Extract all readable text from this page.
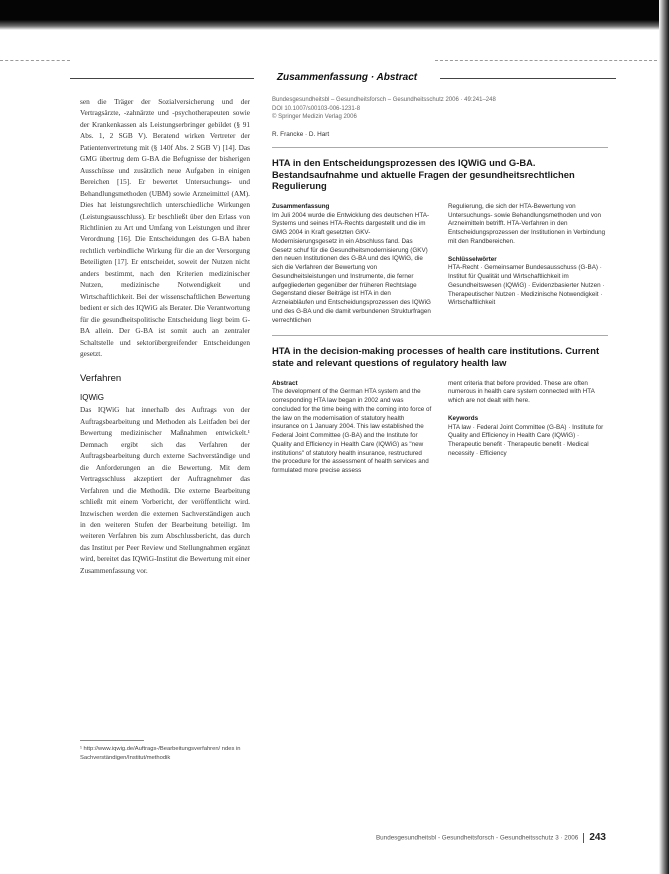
Zusammenfassung · Abstract

sen die Träger der Sozialversicherung und der Vertragsärzte, -zahnärzte und -psychotherapeuten sowie der Krankenkassen als Leistungserbringer gebildet (§ 91 Abs. 1, 2 SGB V). Beratend wirken Vertreter der Patientenvertretung mit (§ 140f Abs. 2 SGB V) [14]. Das GMG übertrug dem G-BA die Befugnisse der bisherigen Ausschüsse und zusätzlich neue Aufgaben in einigen Bereichen [15]. Er bewertet Untersuchungs- und Behandlungsmethoden (UBM) sowie Arzneimittel (AM). Dies hat leistungsrechtlich unterschiedliche Wirkungen (Leistungsausschluss). Er beschließt über den Erlass von Richtlinien zu Art und Umfang von Leistungen und ihrer Verordnung [16]. Die Entscheidungen des G-BA haben rechtlich verbindliche Wirkung für die an der Versorgung Beteiligten [17]. Er entscheidet, soweit der Nutzen nicht anders bestimmt, nach den Kriterien medizinischer Nutzen, medizinische Notwendigkeit und Wirtschaftlichkeit. Bei der wissenschaftlichen Bewertung bedient er sich des IQWiG als Berater. Die Verantwortung für die gesundheitspolitische Entscheidung liegt beim G-BA allein. Der G-BA ist somit auch an zentraler Schaltstelle und sektorübergreifender Entscheidungen gesetzt.

Verfahren
IQWiG

Das IQWiG hat innerhalb des Auftrags von der Auftragsbearbeitung und Methoden als Leitfaden bei der Bewertung medizinischer Maßnahmen entwickelt.¹ Demnach ergibt sich das Verfahren der Auftragsbearbeitung durch externe Sachverständige und die Anforderungen an die Bewertung. Mit dem Vertragsschluss akzeptiert der Auftragnehmer das Verfahren und die Methodik. Die externe Bearbeitung schließt mit einem Vorbericht, der veröffentlicht wird. Inzwischen werden die externen Sachverständigen auch in den weiteren Stufen der Bearbeitung beteiligt. Im weiteren Verfahren bis zum Abschlussbericht, das durch das Institut per Peer Review und Stellungnahmen ergänzt wird, bereitet das IQWiG-Institut die Bewertung mit einer Zusammenfassung vor.

¹ http://www.iqwig.de/Auftrags-/Bearbeitungsverfahren/ ndes in Sachverständigen/Institut/methodik
Bundesgesundheitsbl – Gesundheitsforsch – Gesundheitsschutz 2006 · 49:241–248
DOI 10.1007/s00103-006-1231-8
© Springer Medizin Verlag 2006
R. Francke · D. Hart
HTA in den Entscheidungsprozessen des IQWiG und G-BA. Bestandsaufnahme und aktuelle Fragen der gesundheitsrechtlichen Regulierung

Zusammenfassung

Im Juli 2004 wurde die Entwicklung des deutschen HTA-Systems und seines HTA-Rechts dargestellt und die im GMG 2004 in Kraft gesetzten GKV-Modernisierungsgesetz in ein Abschluss fand. Das Gesetz schuf für die Gesundheitsmodernisierung (GKV) den neuen Institutionen des G-BA und des IQWiG, die sich die Verfahren der Bewertung von Gesundheitsleistungen und Instrumente, die ferner aufgegliederten gegenüber der früheren Rechtslage Gegenstand dieser Beiträge ist HTA in den Arzneiabläufen und Entscheidungsprozessen des IQWiG und des G-BA und die damit verbundenen Strukturfragen verrechtlichen

Regulierung, die sich der HTA-Bewertung von Untersuchungs- sowie Behandlungsmethoden und von Arzneimitteln betrifft. HTA-Verfahren in den Entscheidungsprozessen der Institutionen in Verbindung mit den Randbereichen.

Schlüsselwörter

HTA-Recht · Gemeinsamer Bundesausschuss (G-BA) · Institut für Qualität und Wirtschaftlichkeit im Gesundheitswesen (IQWiG) · Evidenzbasierter Nutzen · Therapeutischer Nutzen · Medizinische Notwendigkeit · Wirtschaftlichkeit

HTA in the decision-making processes of health care institutions. Current state and relevant questions of regulatory health law

Abstract

The development of the German HTA system and the corresponding HTA law began in 2002 and was concluded for the time being with the coming into force of the law on the modernisation of statutory health insurance on 1 January 2004. This law established the Federal Joint Committee (G-BA) and the Institute for Quality and Efficiency in Health Care (IQWiG) as "new institutions" of statutory health insurance, restructured the procedure for the assessment of health services and formulated more precise assess

ment criteria that before provided. These are often numerous in health care system connected with HTA which are not dealt with here.

Keywords

HTA law · Federal Joint Committee (G-BA) · Institute for Quality and Efficiency in Health Care (IQWiG) · Therapeutic benefit · Therapeutic benefit · Medical necessity · Efficiency

Bundesgesundheitsbl - Gesundheitsforsch - Gesundheitsschutz 3 · 2006 243
